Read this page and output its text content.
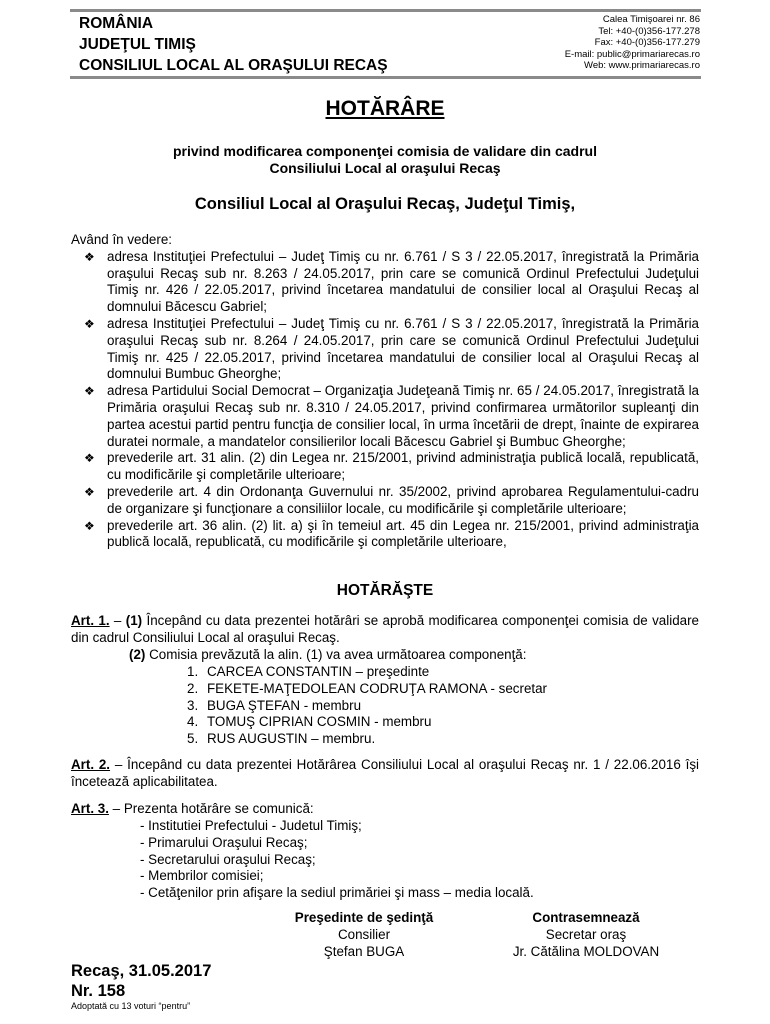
ROMÂNIA
JUDEŢUL TIMIŞ
CONSILIUL LOCAL AL ORAŞULUI RECAŞ
Calea Timişoarei nr. 86
Tel: +40-(0)356-177.278
Fax: +40-(0)356-177.279
E-mail: public@primariarecas.ro
Web: www.primariarecas.ro
HOTĂRÂRE
privind modificarea componenţei comisia de validare din cadrul
Consiliului Local al oraşului Recaş
Consiliul Local al Oraşului Recaş, Judeţul Timiş,
Având în vedere:
❖ adresa Instituţiei Prefectului – Judeţ Timiş cu nr. 6.761 / S 3 / 22.05.2017, înregistrată la Primăria oraşului Recaş sub nr. 8.263 / 24.05.2017, prin care se comunică Ordinul Prefectului Judeţului Timiş nr. 426 / 22.05.2017, privind încetarea mandatului de consilier local al Oraşului Recaş al domnului Băcescu Gabriel;
❖ adresa Instituţiei Prefectului – Judeţ Timiş cu nr. 6.761 / S 3 / 22.05.2017, înregistrată la Primăria oraşului Recaş sub nr. 8.264 / 24.05.2017, prin care se comunică Ordinul Prefectului Judeţului Timiş nr. 425 / 22.05.2017, privind încetarea mandatului de consilier local al Oraşului Recaş al domnului Bumbuc Gheorghe;
❖ adresa Partidului Social Democrat – Organizaţia Judeţeană Timiş nr. 65 / 24.05.2017, înregistrată la Primăria oraşului Recaş sub nr. 8.310 / 24.05.2017, privind confirmarea următorilor supleanţi din partea acestui partid pentru funcţia de consilier local, în urma încetării de drept, înainte de expirarea duratei normale, a mandatelor consilierilor locali Băcescu Gabriel şi Bumbuc Gheorghe;
❖ prevederile art. 31 alin. (2) din Legea nr. 215/2001, privind administraţia publică locală, republicată, cu modificările şi completările ulterioare;
❖ prevederile art. 4 din Ordonanţa Guvernului nr. 35/2002, privind aprobarea Regulamentului-cadru de organizare şi funcţionare a consiliilor locale, cu modificările şi completările ulterioare;
❖ prevederile art. 36 alin. (2) lit. a) şi în temeiul art. 45 din Legea nr. 215/2001, privind administraţia publică locală, republicată, cu modificările şi completările ulterioare,
HOTĂRĂŞTE
Art. 1. – (1) Începând cu data prezentei hotărâri se aprobă modificarea componenţei comisia de validare din cadrul Consiliului Local al oraşului Recaş.
(2) Comisia prevăzută la alin. (1) va avea următoarea componenţă:
1. CARCEA CONSTANTIN – preşedinte
2. FEKETE-MAŢEDOLEAN CODRUŢA RAMONA - secretar
3. BUGA ŞTEFAN - membru
4. TOMUŞ CIPRIAN COSMIN - membru
5. RUS AUGUSTIN – membru.
Art. 2. – Începând cu data prezentei Hotărârea Consiliului Local al oraşului Recaş nr. 1 / 22.06.2016 îşi încetează aplicabilitatea.
Art. 3. – Prezenta hotărâre se comunică:
- Institutiei Prefectului - Judetul Timiş;
- Primarului Oraşului Recaş;
- Secretarului oraşului Recaş;
- Membrilor comisiei;
- Cetăţenilor prin afişare la sediul primăriei şi mass – media locală.
Preşedinte de şedinţă
Consilier
Ştefan BUGA
Contrasemnează
Secretar oraş
Jr. Cătălina MOLDOVAN
Recaş, 31.05.2017
Nr. 158
Adoptată cu 13 voturi “pentru”
